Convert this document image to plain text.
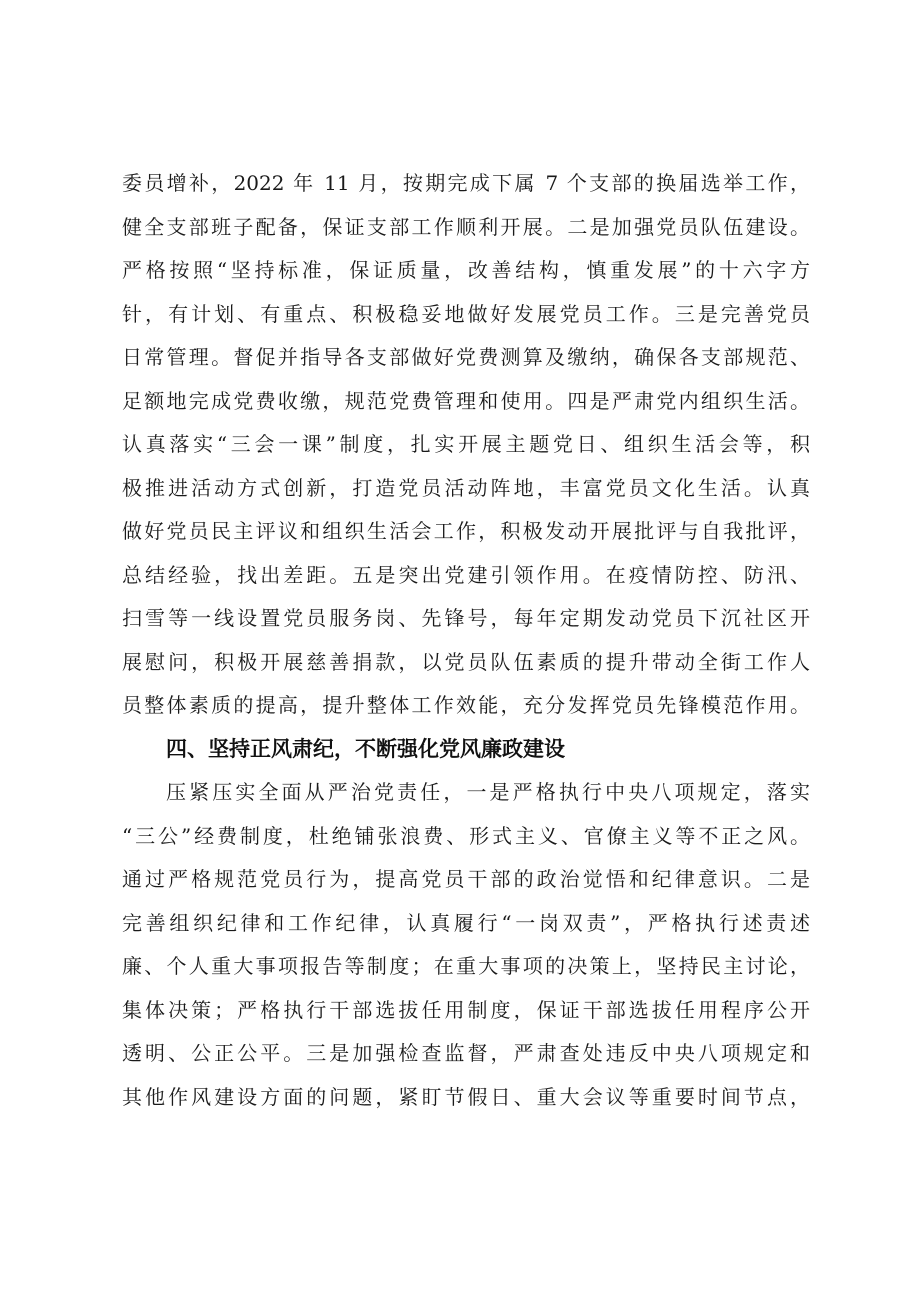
委员增补，2022 年 11 月，按期完成下属 7 个支部的换届选举工作，
健全支部班子配备，保证支部工作顺利开展。二是加强党员队伍建设。
严格按照“坚持标准，保证质量，改善结构，慎重发展”的十六字方
针，有计划、有重点、积极稳妥地做好发展党员工作。三是完善党员
日常管理。督促并指导各支部做好党费测算及缴纳，确保各支部规范、
足额地完成党费收缴，规范党费管理和使用。四是严肃党内组织生活。
认真落实“三会一课”制度，扎实开展主题党日、组织生活会等，积
极推进活动方式创新，打造党员活动阵地，丰富党员文化生活。认真
做好党员民主评议和组织生活会工作，积极发动开展批评与自我批评，
总结经验，找出差距。五是突出党建引领作用。在疫情防控、防汛、
扫雪等一线设置党员服务岗、先锋号，每年定期发动党员下沉社区开
展慰问，积极开展慈善捐款，以党员队伍素质的提升带动全街工作人
员整体素质的提高，提升整体工作效能，充分发挥党员先锋模范作用。
四、坚持正风肃纪，不断强化党风廉政建设
压紧压实全面从严治党责任，一是严格执行中央八项规定，落实
“三公”经费制度，杜绝铺张浪费、形式主义、官僚主义等不正之风。
通过严格规范党员行为，提高党员干部的政治觉悟和纪律意识。二是
完善组织纪律和工作纪律，认真履行“一岗双责”，严格执行述责述
廉、个人重大事项报告等制度；在重大事项的决策上，坚持民主讨论，
集体决策；严格执行干部选拔任用制度，保证干部选拔任用程序公开
透明、公正公平。三是加强检查监督，严肃查处违反中央八项规定和
其他作风建设方面的问题，紧盯节假日、重大会议等重要时间节点，
